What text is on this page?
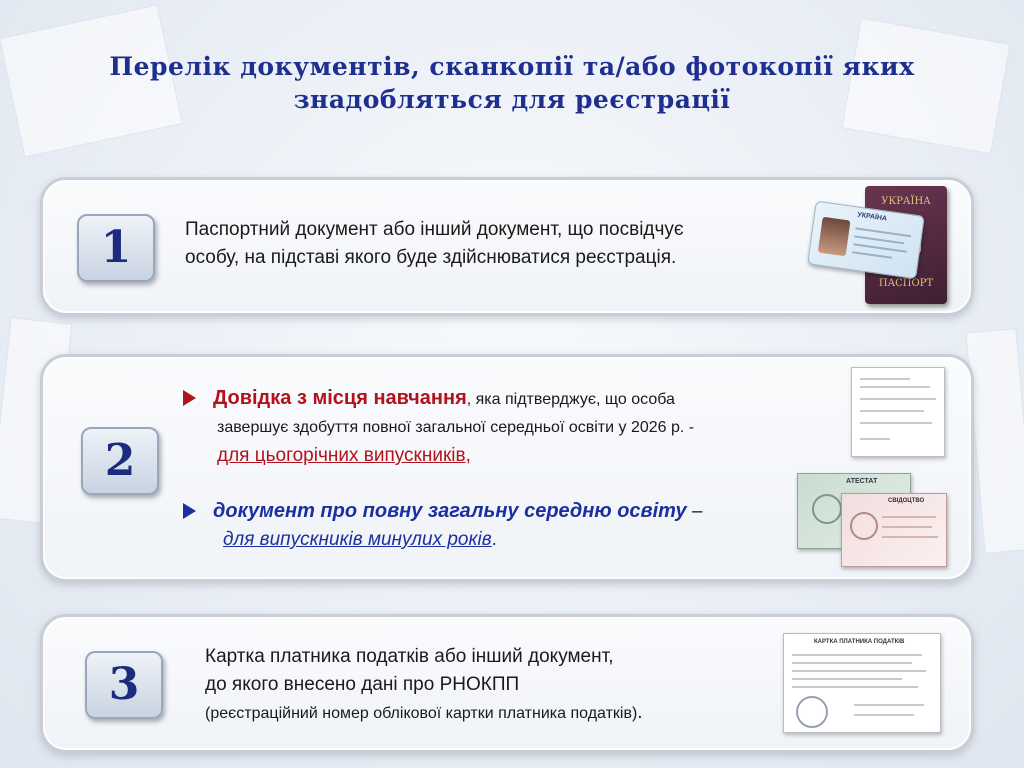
Перелік документів, сканкопії та/або фотокопії яких
знадобляться для реєстрації
1	Паспортний документ або інший документ, що посвідчує
особу, на підставі якого буде здійснюватися реєстрація.
УКРАЇНА
ПАСПОРТ
УКРАЇНА
2
Довідка з місця навчання, яка підтверджує, що особа
завершує здобуття повної загальної середньої освіти у 2026 р. -
для цьогорічних випускників,
документ про повну загальну середню освіту –
для випускників минулих років.
АТЕСТАТ
СВІДОЦТВО
3
Картка платника податків або інший документ,
до якого внесено дані про РНОКПП
(реєстраційний номер облікової картки платника податків).
КАРТКА ПЛАТНИКА ПОДАТКІВ
